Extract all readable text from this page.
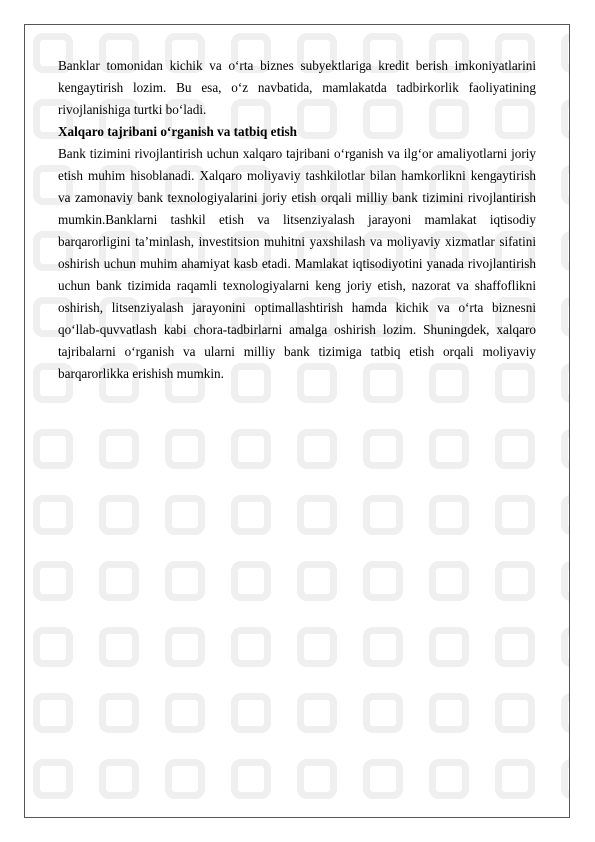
Banklar tomonidan kichik va o‘rta biznes subyektlariga kredit berish imkoniyatlarini kengaytirish lozim. Bu esa, o‘z navbatida, mamlakatda tadbirkorlik faoliyatining rivojlanishiga turtki bo‘ladi.

Xalqaro tajribani o‘rganish va tatbiq etish

Bank tizimini rivojlantirish uchun xalqaro tajribani o‘rganish va ilg‘or amaliyotlarni joriy etish muhim hisoblanadi. Xalqaro moliyaviy tashkilotlar bilan hamkorlikni kengaytirish va zamonaviy bank texnologiyalarini joriy etish orqali milliy bank tizimini rivojlantirish mumkin.Banklarni tashkil etish va litsenziyalash jarayoni mamlakat iqtisodiy barqarorligini ta’minlash, investitsion muhitni yaxshilash va moliyaviy xizmatlar sifatini oshirish uchun muhim ahamiyat kasb etadi. Mamlakat iqtisodiyotini yanada rivojlantirish uchun bank tizimida raqamli texnologiyalarni keng joriy etish, nazorat va shaffoflikni oshirish, litsenziyalash jarayonini optimallashtirish hamda kichik va o‘rta biznesni qo‘llab-quvvatlash kabi chora-tadbirlarni amalga oshirish lozim. Shuningdek, xalqaro tajribalarni o‘rganish va ularni milliy bank tizimiga tatbiq etish orqali moliyaviy barqarorlikka erishish mumkin.
